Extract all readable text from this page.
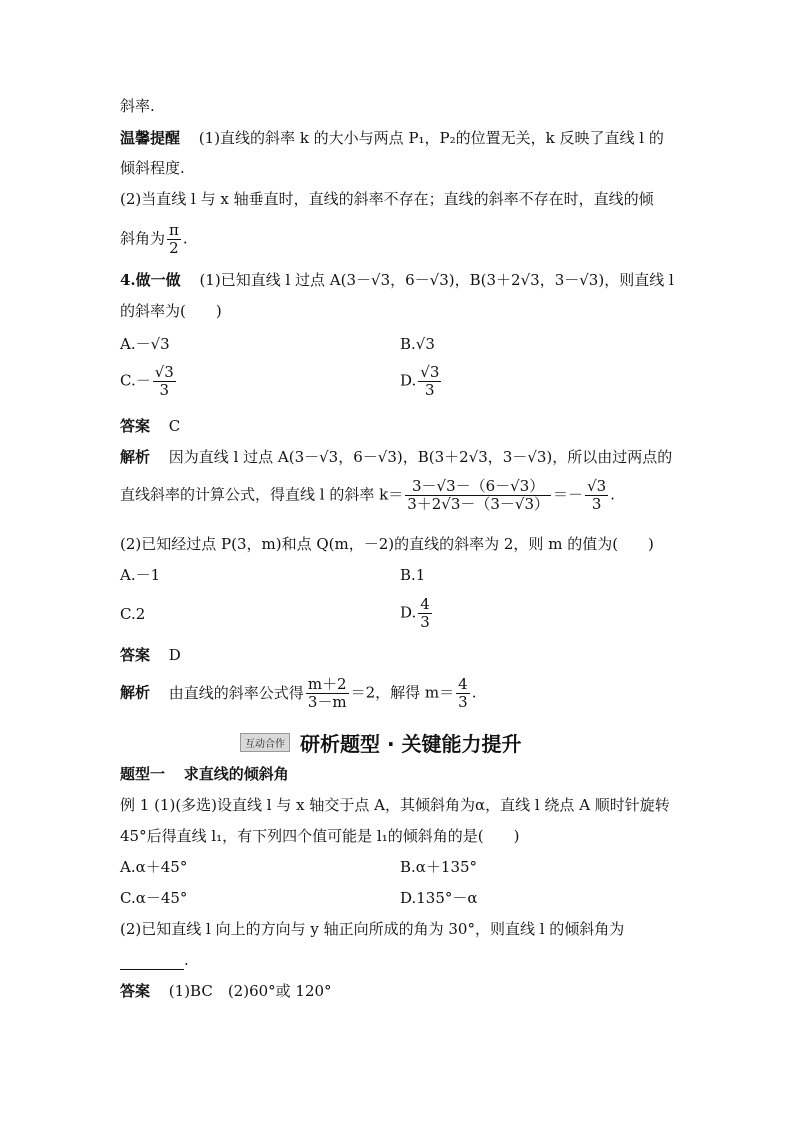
斜率.
温馨提醒 (1)直线的斜率 k 的大小与两点 P₁，P₂的位置无关，k 反映了直线 l 的
倾斜程度.
(2)当直线 l 与 x 轴垂直时，直线的斜率不存在；直线的斜率不存在时，直线的倾
斜角为 $\frac{\pi}{2}$ .
4.做一做 (1)已知直线 l 过点 A(3－√3，6－√3)，B(3＋2√3，3－√3)，则直线 l
的斜率为(　　)
A.－√3	B.√3
$C.- \frac{√3}{3}$	D. $\frac{√3}{3}$
答案 C
解析 因为直线 l 过点 A(3－√3，6－√3)，B(3＋2√3，3－√3)，所以由过两点的
直线斜率的计算公式，得直线 l 的斜率 $k= \frac{3-√3-(6-√3)}{3+2√3-(3-√3)} =- \frac{√3}{3}$ .
(2)已知经过点 P(3，m)和点 Q(m，－2)的直线的斜率为 2，则 m 的值为(　　)
A.－1	B.1
C.2	D. $\frac{4}{3}$
答案 D
解析 由直线的斜率公式得 $\frac{m+2}{3-m} =2$，解得 $m= \frac{4}{3}$ .
互动合作 研析题型 · 关键能力提升
题型一 求直线的倾斜角
例 1 (1)(多选)设直线 l 与 x 轴交于点 A，其倾斜角为α，直线 l 绕点 A 顺时针旋转
45°后得直线 l₁，有下列四个值可能是 l₁的倾斜角的是(　　)
A.α＋45°	B.α＋135°
C.α－45°	D.135°－α
(2)已知直线 l 向上的方向与 y 轴正向所成的角为 30°，则直线 l 的倾斜角为
.
答案 (1)BC　(2)60°或 120°
